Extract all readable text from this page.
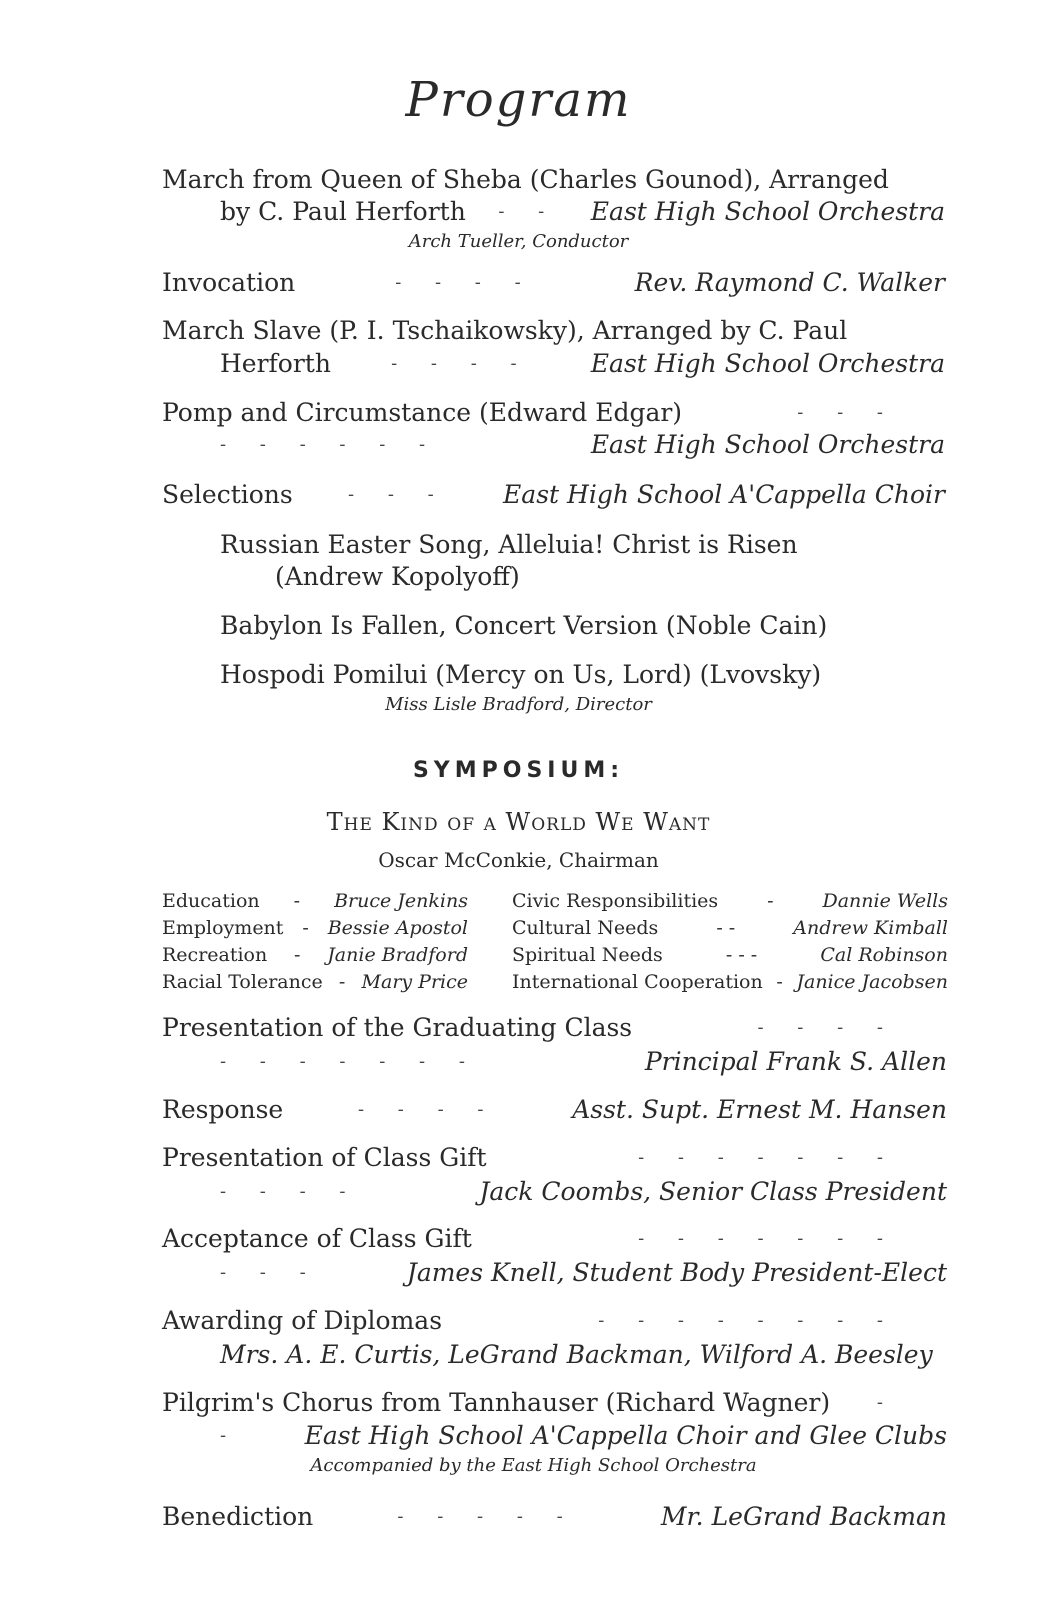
Program
March from Queen of Sheba (Charles Gounod), Arranged
by C. Paul Herforth - - East High School Orchestra
Arch Tueller, Conductor
Invocation	- - - -	Rev. Raymond C. Walker
March Slave (P. I. Tschaikowsky), Arranged by C. Paul
Herforth	- - - - East High School Orchestra
Pomp and Circumstance (Edward Edgar)	- - -
- - - - - -	East High School Orchestra
Selections	- - - East High School A'Cappella Choir
Russian Easter Song, Alleluia! Christ is Risen
(Andrew Kopolyoff)
Babylon Is Fallen, Concert Version (Noble Cain)
Hospodi Pomilui (Mercy on Us, Lord) (Lvovsky)
Miss Lisle Bradford, Director
SYMPOSIUM:
The Kind of a World We Want
Oscar McConkie, Chairman
Education - Bruce Jenkins Civic Responsibilities	-	Dannie Wells
Employment - Bessie Apostol Cultural Needs	- -	Andrew Kimball
Recreation - Janie Bradford Spiritual Needs	- - -	Cal Robinson
Racial Tolerance - Mary Price International Cooperation - Janice Jacobsen
Presentation of the Graduating Class	- - - -
- - - - - - -	Principal Frank S. Allen
Response	- - - -	Asst. Supt. Ernest M. Hansen
Presentation of Class Gift	- - - - - - -
- - - -	Jack Coombs, Senior Class President
Acceptance of Class Gift	- - - - - - -
- - -	James Knell, Student Body President-Elect
Awarding of Diplomas	- - - - - - - -
Mrs. A. E. Curtis, LeGrand Backman, Wilford A. Beesley
Pilgrim's Chorus from Tannhauser (Richard Wagner)	-
-	East High School A'Cappella Choir and Glee Clubs
Accompanied by the East High School Orchestra
Benediction	- - - - -	Mr. LeGrand Backman
